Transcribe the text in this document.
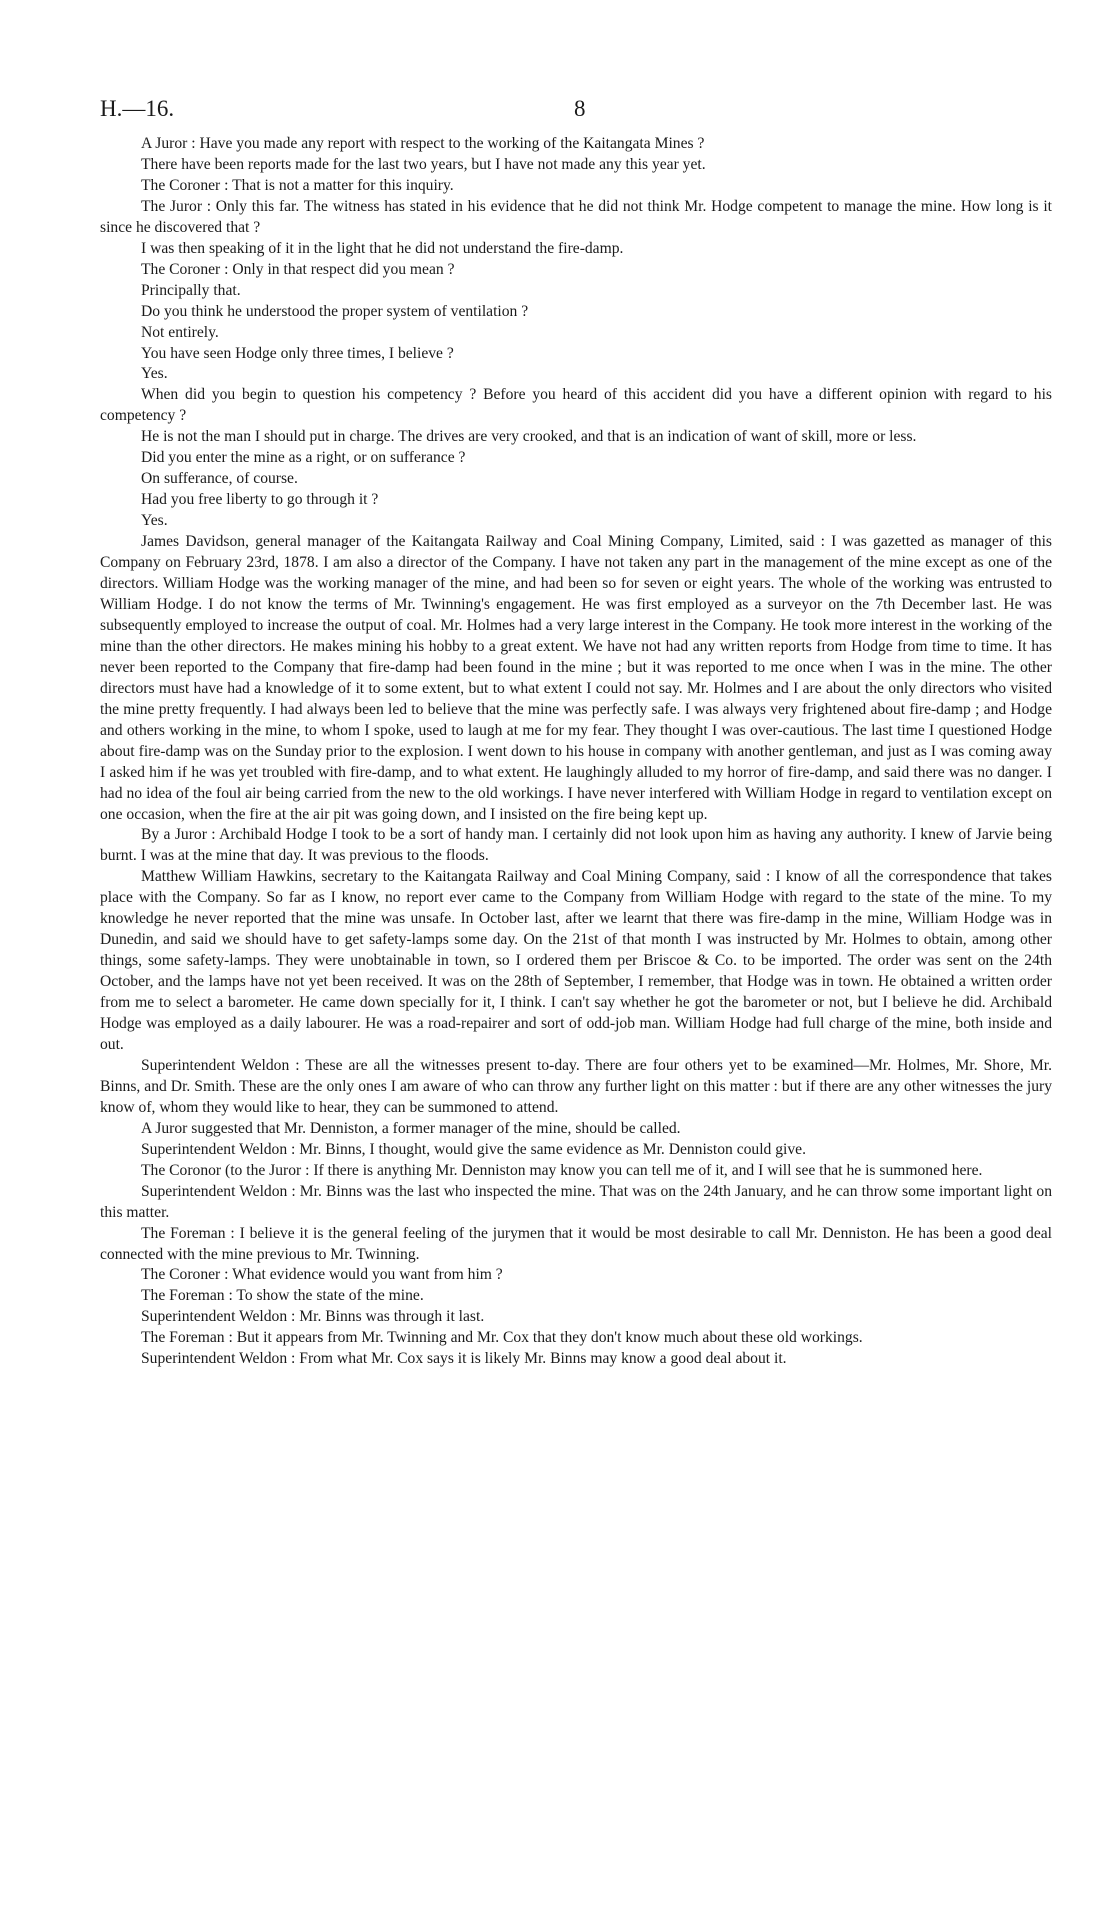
H.—16.	8

A Juror : Have you made any report with respect to the working of the Kaitangata Mines ?

There have been reports made for the last two years, but I have not made any this year yet.

The Coroner : That is not a matter for this inquiry.

The Juror : Only this far. The witness has stated in his evidence that he did not think Mr. Hodge competent to manage the mine. How long is it since he discovered that ?

I was then speaking of it in the light that he did not understand the fire-damp.

The Coroner : Only in that respect did you mean ?

Principally that.

Do you think he understood the proper system of ventilation ?

Not entirely.

You have seen Hodge only three times, I believe ?

Yes.

When did you begin to question his competency ? Before you heard of this accident did you have a different opinion with regard to his competency ?

He is not the man I should put in charge. The drives are very crooked, and that is an indication of want of skill, more or less.

Did you enter the mine as a right, or on sufferance ?

On sufferance, of course.

Had you free liberty to go through it ?

Yes.

James Davidson, general manager of the Kaitangata Railway and Coal Mining Company, Limited, said : I was gazetted as manager of this Company on February 23rd, 1878. I am also a director of the Company. I have not taken any part in the management of the mine except as one of the directors. William Hodge was the working manager of the mine, and had been so for seven or eight years. The whole of the working was entrusted to William Hodge. I do not know the terms of Mr. Twinning's engagement. He was first employed as a surveyor on the 7th December last. He was subsequently employed to increase the output of coal. Mr. Holmes had a very large interest in the Company. He took more interest in the working of the mine than the other directors. He makes mining his hobby to a great extent. We have not had any written reports from Hodge from time to time. It has never been reported to the Company that fire-damp had been found in the mine ; but it was reported to me once when I was in the mine. The other directors must have had a knowledge of it to some extent, but to what extent I could not say. Mr. Holmes and I are about the only directors who visited the mine pretty frequently. I had always been led to believe that the mine was perfectly safe. I was always very frightened about fire-damp ; and Hodge and others working in the mine, to whom I spoke, used to laugh at me for my fear. They thought I was over-cautious. The last time I questioned Hodge about fire-damp was on the Sunday prior to the explosion. I went down to his house in company with another gentleman, and just as I was coming away I asked him if he was yet troubled with fire-damp, and to what extent. He laughingly alluded to my horror of fire-damp, and said there was no danger. I had no idea of the foul air being carried from the new to the old workings. I have never interfered with William Hodge in regard to ventilation except on one occasion, when the fire at the air pit was going down, and I insisted on the fire being kept up.

By a Juror : Archibald Hodge I took to be a sort of handy man. I certainly did not look upon him as having any authority. I knew of Jarvie being burnt. I was at the mine that day. It was previous to the floods.

Matthew William Hawkins, secretary to the Kaitangata Railway and Coal Mining Company, said : I know of all the correspondence that takes place with the Company. So far as I know, no report ever came to the Company from William Hodge with regard to the state of the mine. To my knowledge he never reported that the mine was unsafe. In October last, after we learnt that there was fire-damp in the mine, William Hodge was in Dunedin, and said we should have to get safety-lamps some day. On the 21st of that month I was instructed by Mr. Holmes to obtain, among other things, some safety-lamps. They were unobtainable in town, so I ordered them per Briscoe & Co. to be imported. The order was sent on the 24th October, and the lamps have not yet been received. It was on the 28th of September, I remember, that Hodge was in town. He obtained a written order from me to select a barometer. He came down specially for it, I think. I can't say whether he got the barometer or not, but I believe he did. Archibald Hodge was employed as a daily labourer. He was a road-repairer and sort of odd-job man. William Hodge had full charge of the mine, both inside and out.

Superintendent Weldon : These are all the witnesses present to-day. There are four others yet to be examined—Mr. Holmes, Mr. Shore, Mr. Binns, and Dr. Smith. These are the only ones I am aware of who can throw any further light on this matter : but if there are any other witnesses the jury know of, whom they would like to hear, they can be summoned to attend.

A Juror suggested that Mr. Denniston, a former manager of the mine, should be called.

Superintendent Weldon : Mr. Binns, I thought, would give the same evidence as Mr. Denniston could give.

The Coronor (to the Juror : If there is anything Mr. Denniston may know you can tell me of it, and I will see that he is summoned here.

Superintendent Weldon : Mr. Binns was the last who inspected the mine. That was on the 24th January, and he can throw some important light on this matter.

The Foreman : I believe it is the general feeling of the jurymen that it would be most desirable to call Mr. Denniston. He has been a good deal connected with the mine previous to Mr. Twinning.

The Coroner : What evidence would you want from him ?

The Foreman : To show the state of the mine.

Superintendent Weldon : Mr. Binns was through it last.

The Foreman : But it appears from Mr. Twinning and Mr. Cox that they don't know much about these old workings.

Superintendent Weldon : From what Mr. Cox says it is likely Mr. Binns may know a good deal about it.
